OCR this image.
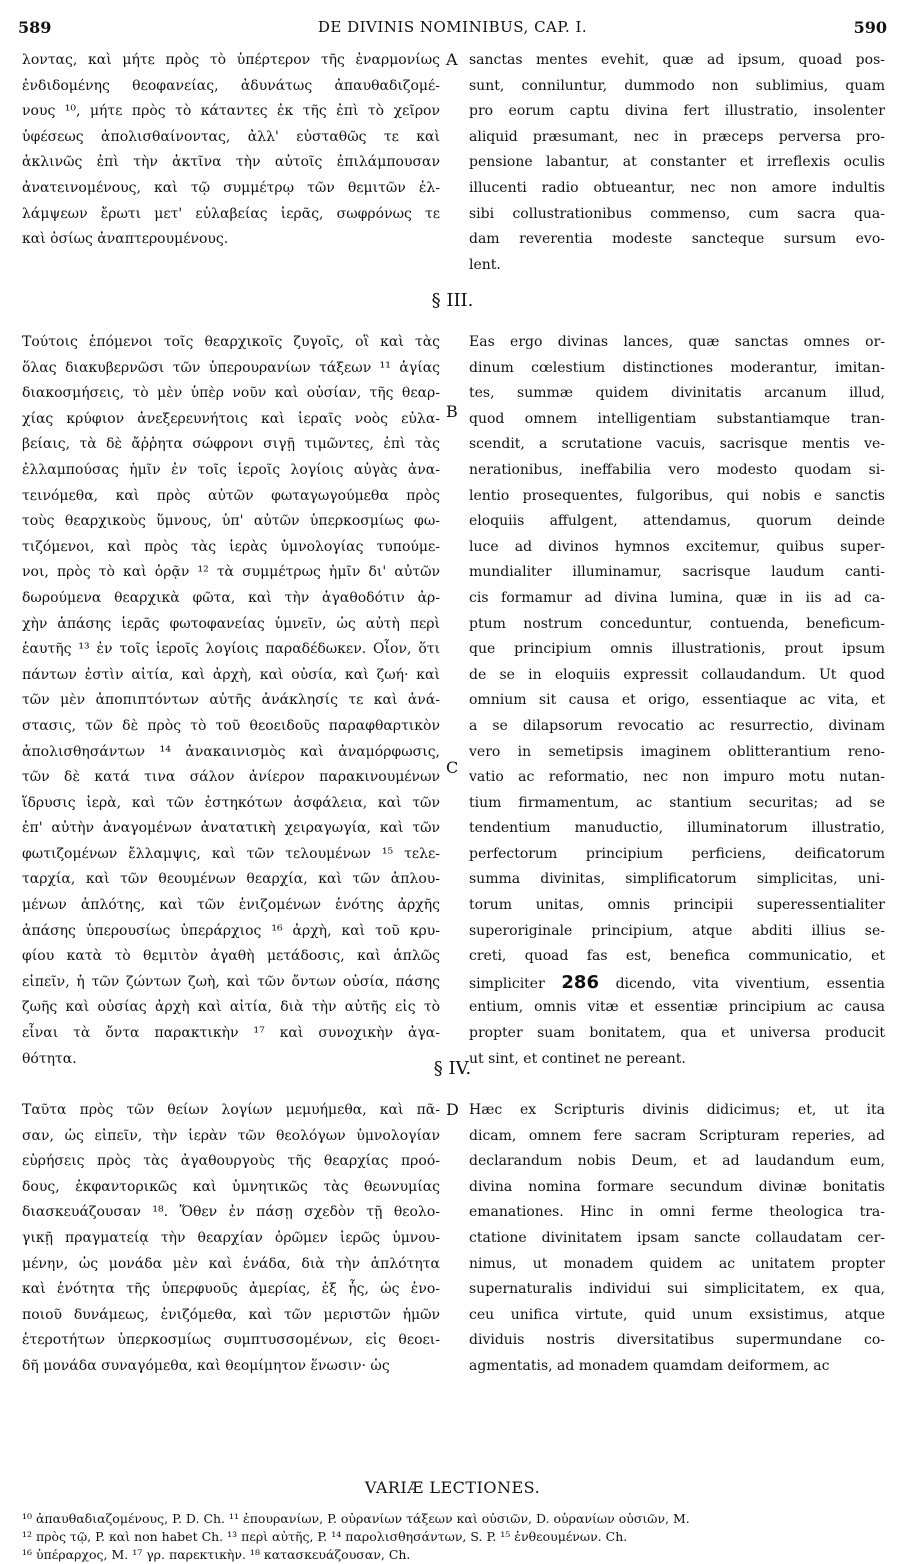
589	DE DIVINIS NOMINIBUS, CAP. I.	590
λοντας, καὶ μήτε πρὸς τὸ ὑπέρτερον τῆς ἐναρμονίως
ἐνδιδομένης θεοφανείας, ἀδυνάτως ἀπαυθαδιζομέ-
νους ¹⁰, μήτε πρὸς τὸ κάταντες ἐκ τῆς ἐπὶ τὸ χεῖρον
ὑφέσεως ἀπολισθαίνοντας, ἀλλ' εὐσταθῶς τε καὶ
ἀκλινῶς ἐπὶ τὴν ἀκτῖνα τὴν αὐτοῖς ἐπιλάμπουσαν
ἀνατεινομένους, καὶ τῷ συμμέτρῳ τῶν θεμιτῶν ἐλ-
λάμψεων ἔρωτι μετ' εὐλαβείας ἱερᾶς, σωφρόνως τε
καὶ ὁσίως ἀναπτερουμένους.
sanctas mentes evehit, quæ ad ipsum, quoad pos-
sunt, conniluntur, dummodo non sublimius, quam
pro eorum captu divina fert illustratio, insolenter
aliquid præsumant, nec in præceps perversa pro-
pensione labantur, at constanter et irreflexis oculis
illucenti radio obtueantur, nec non amore indultis
sibi collustrationibus commenso, cum sacra qua-
dam reverentia modeste sancteque sursum evo-
lent.
A
§ III.
Τούτοις ἑπόμενοι τοῖς θεαρχικοῖς ζυγοῖς, οἳ καὶ τὰς
ὅλας διακυβερνῶσι τῶν ὑπερουρανίων τάξεων ¹¹ ἁγίας
διακοσμήσεις, τὸ μὲν ὑπὲρ νοῦν καὶ οὐσίαν, τῆς θεαρ-
χίας κρύφιον ἀνεξερευνήτοις καὶ ἱεραῖς νοὸς εὐλα-
βείαις, τὰ δὲ ἄῤῥητα σώφρονι σιγῇ τιμῶντες, ἐπὶ τὰς
ἐλλαμπούσας ἡμῖν ἐν τοῖς ἱεροῖς λογίοις αὐγὰς ἀνα-
τεινόμεθα, καὶ πρὸς αὐτῶν φωταγωγούμεθα πρὸς
τοὺς θεαρχικοὺς ὕμνους, ὑπ' αὐτῶν ὑπερκοσμίως φω-
τιζόμενοι, καὶ πρὸς τὰς ἱερὰς ὑμνολογίας τυπούμε-
νοι, πρὸς τὸ καὶ ὁρᾷν ¹² τὰ συμμέτρως ἡμῖν δι' αὐτῶν
δωρούμενα θεαρχικὰ φῶτα, καὶ τὴν ἀγαθοδότιν ἀρ-
χὴν ἁπάσης ἱερᾶς φωτοφανείας ὑμνεῖν, ὡς αὐτὴ περὶ
ἑαυτῆς ¹³ ἐν τοῖς ἱεροῖς λογίοις παραδέδωκεν. Οἷον, ὅτι
πάντων ἐστὶν αἰτία, καὶ ἀρχὴ, καὶ οὐσία, καὶ ζωή· καὶ
τῶν μὲν ἀποπιπτόντων αὐτῆς ἀνάκλησίς τε καὶ ἀνά-
στασις, τῶν δὲ πρὸς τὸ τοῦ θεοειδοῦς παραφθαρτικὸν
ἀπολισθησάντων ¹⁴ ἀνακαινισμὸς καὶ ἀναμόρφωσις,
τῶν δὲ κατά τινα σάλον ἀνίερον παρακινουμένων
ἵδρυσις ἱερὰ, καὶ τῶν ἑστηκότων ἀσφάλεια, καὶ τῶν
ἐπ' αὐτὴν ἀναγομένων ἀνατατικὴ χειραγωγία, καὶ τῶν
φωτιζομένων ἔλλαμψις, καὶ τῶν τελουμένων ¹⁵ τελε-
ταρχία, καὶ τῶν θεουμένων θεαρχία, καὶ τῶν ἁπλου-
μένων ἁπλότης, καὶ τῶν ἑνιζομένων ἑνότης ἀρχῆς
ἁπάσης ὑπερουσίως ὑπεράρχιος ¹⁶ ἀρχὴ, καὶ τοῦ κρυ-
φίου κατὰ τὸ θεμιτὸν ἀγαθὴ μετάδοσις, καὶ ἁπλῶς
εἰπεῖν, ἡ τῶν ζώντων ζωὴ, καὶ τῶν ὄντων οὐσία, πάσης
ζωῆς καὶ οὐσίας ἀρχὴ καὶ αἰτία, διὰ τὴν αὐτῆς εἰς τὸ
εἶναι τὰ ὄντα παρακτικὴν ¹⁷ καὶ συνοχικὴν ἀγα-
θότητα.
Eas ergo divinas lances, quæ sanctas omnes or-
dinum cœlestium distinctiones moderantur, imitan-
tes, summæ quidem divinitatis arcanum illud,
quod omnem intelligentiam substantiamque tran-
scendit, a scrutatione vacuis, sacrisque mentis ve-
nerationibus, ineffabilia vero modesto quodam si-
lentio prosequentes, fulgoribus, qui nobis e sanctis
eloquiis affulgent, attendamus, quorum deinde
luce ad divinos hymnos excitemur, quibus super-
mundialiter illuminamur, sacrisque laudum canti-
cis formamur ad divina lumina, quæ in iis ad ca-
ptum nostrum conceduntur, contuenda, beneficum-
que principium omnis illustrationis, prout ipsum
de se in eloquiis expressit collaudandum. Ut quod
omnium sit causa et origo, essentiaque ac vita, et
a se dilapsorum revocatio ac resurrectio, divinam
vero in semetipsis imaginem oblitterantium reno-
vatio ac reformatio, nec non impuro motu nutan-
tium firmamentum, ac stantium securitas; ad se
tendentium manuductio, illuminatorum illustratio,
perfectorum principium perficiens, deificatorum
summa divinitas, simplificatorum simplicitas, uni-
torum unitas, omnis principii superessentialiter
superoriginale principium, atque abditi illius se-
creti, quoad fas est, benefica communicatio, et
simpliciter 286 dicendo, vita viventium, essentia
entium, omnis vitæ et essentiæ principium ac causa
propter suam bonitatem, qua et universa producit
ut sint, et continet ne pereant.
B
C
§ IV.
Ταῦτα πρὸς τῶν θείων λογίων μεμυήμεθα, καὶ πᾶ-
σαν, ὡς εἰπεῖν, τὴν ἱερὰν τῶν θεολόγων ὑμνολογίαν
εὑρήσεις πρὸς τὰς ἀγαθουργοὺς τῆς θεαρχίας προό-
δους, ἐκφαντορικῶς καὶ ὑμνητικῶς τὰς θεωνυμίας
διασκευάζουσαν ¹⁸. Ὅθεν ἐν πάσῃ σχεδὸν τῇ θεολο-
γικῇ πραγματείᾳ τὴν θεαρχίαν ὁρῶμεν ἱερῶς ὑμνου-
μένην, ὡς μονάδα μὲν καὶ ἑνάδα, διὰ τὴν ἁπλότητα
καὶ ἑνότητα τῆς ὑπερφυοῦς ἀμερίας, ἐξ ἧς, ὡς ἑνο-
ποιοῦ δυνάμεως, ἑνιζόμεθα, καὶ τῶν μεριστῶν ἡμῶν
ἑτεροτήτων ὑπερκοσμίως συμπτυσσομένων, εἰς θεοει-
δῆ μονάδα συναγόμεθα, καὶ θεομίμητον ἕνωσιν· ὡς
Hæc ex Scripturis divinis didicimus; et, ut ita
dicam, omnem fere sacram Scripturam reperies, ad
declarandum nobis Deum, et ad laudandum eum,
divina nomina formare secundum divinæ bonitatis
emanationes. Hinc in omni ferme theologica tra-
ctatione divinitatem ipsam sancte collaudatam cer-
nimus, ut monadem quidem ac unitatem propter
supernaturalis individui sui simplicitatem, ex qua,
ceu unifica virtute, quid unum exsistimus, atque
dividuis nostris diversitatibus supermundane co-
agmentatis, ad monadem quamdam deiformem, ac
D
VARIÆ LECTIONES.
¹⁰ ἀπαυθαδιαζομένους, P. D. Ch. ¹¹ ἐπουρανίων, P. οὐρανίων τάξεων καὶ οὐσιῶν, D. οὐρανίων οὐσιῶν, M.
¹² πρὸς τῷ, P. καὶ non habet Ch. ¹³ περὶ αὐτῆς, P. ¹⁴ παρολισθησάντων, S. P. ¹⁵ ἐνθεουμένων. Ch.
¹⁶ ὑπέραρχος, M. ¹⁷ γρ. παρεκτικὴν. ¹⁸ κατασκευάζουσαν, Ch.
